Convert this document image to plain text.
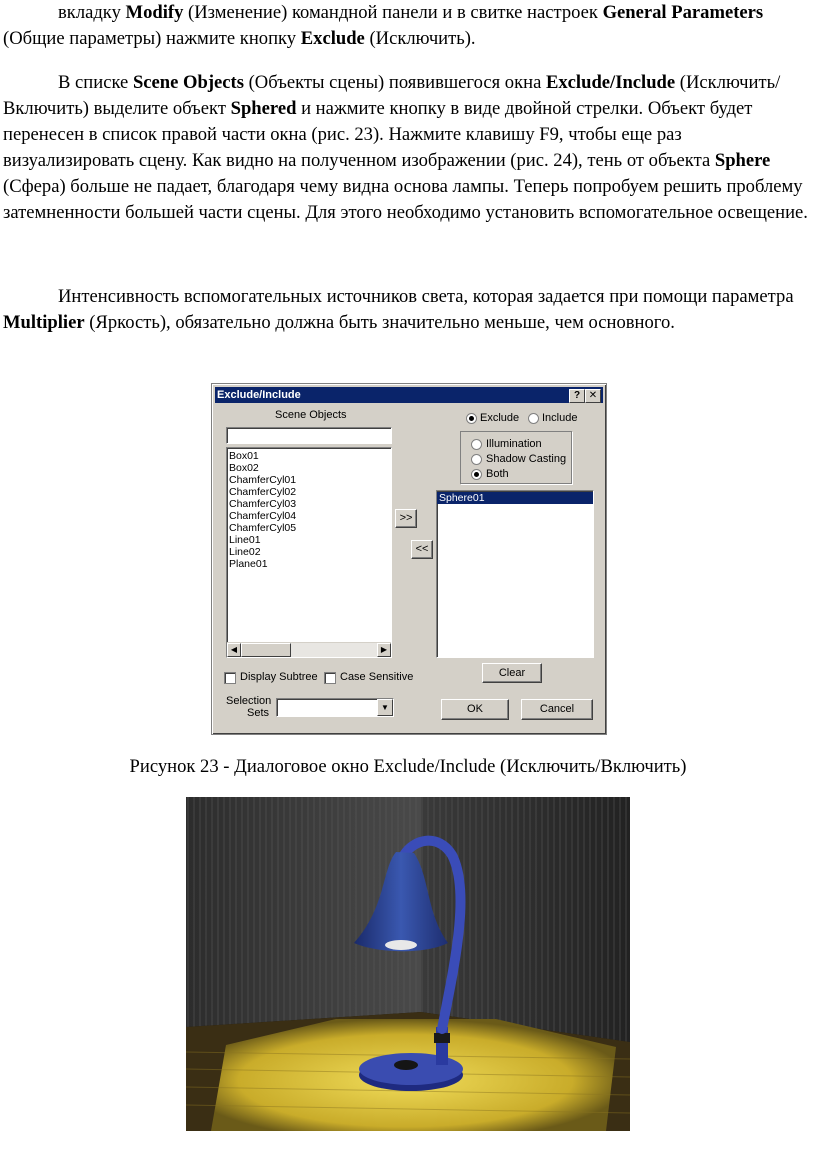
вкладку Modify (Изменение) командной панели и в свитке настроек General Parameters (Общие параметры) нажмите кнопку Exclude (Исключить).

В списке Scene Objects (Объекты сцены) появившегося окна Exclude/Include (Исключить/Включить) выделите объект Sphered и нажмите кнопку в виде двойной стрелки. Объект будет перенесен в список правой части окна (рис. 23). Нажмите клавишу F9, чтобы еще раз визуализировать сцену. Как видно на полученном изображении (рис. 24), тень от объекта Sphere (Сфера) больше не падает, благодаря чему видна основа лампы. Теперь попробуем решить проблему затемненности большей части сцены. Для этого необходимо установить вспомогательное освещение.

Интенсивность вспомогательных источников света, которая задается при помощи параметра Multiplier (Яркость), обязательно должна быть значительно меньше, чем основного.

Exclude/Include	? ✕
Scene Objects
Box01
Box02
ChamferCyl01
ChamferCyl02
ChamferCyl03
ChamferCyl04
ChamferCyl05
Line01
Line02
Plane01
◀	▶
>>
<<
Exclude Include
Illumination
Shadow Casting
Both
Sphere01
Clear
Display Subtree Case Sensitive
Selection
Sets	▼	OK	Cancel
Рисунок 23 - Диалоговое окно Exclude/Include (Исключить/Включить)
